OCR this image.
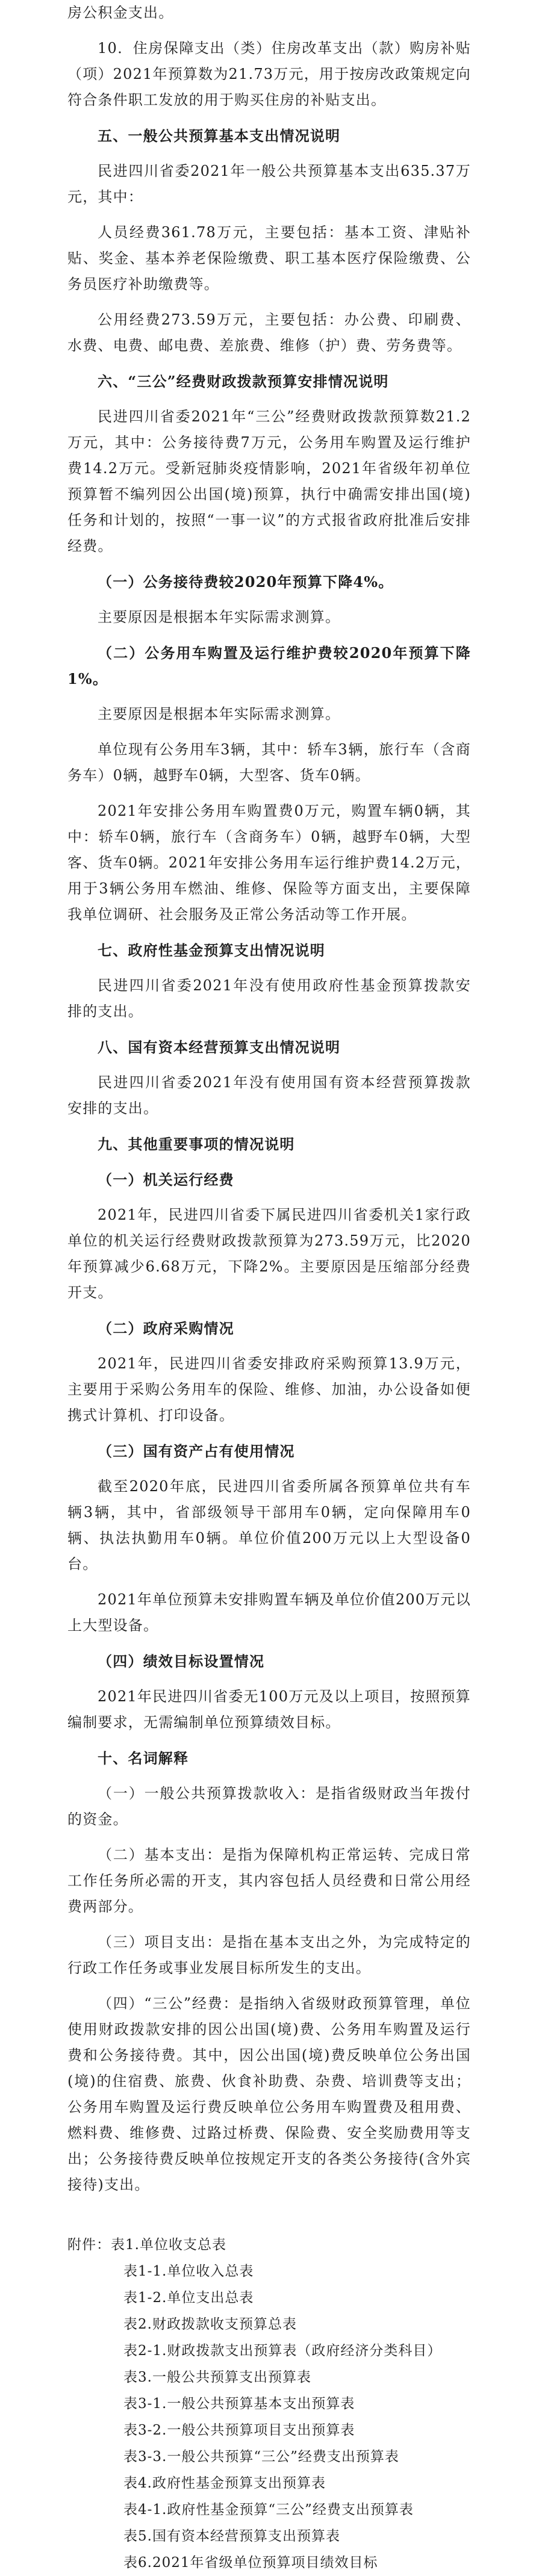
房公积金支出。

10．住房保障支出（类）住房改革支出（款）购房补贴（项）2021年预算数为21.73万元，用于按房改政策规定向符合条件职工发放的用于购买住房的补贴支出。

五、一般公共预算基本支出情况说明

民进四川省委2021年一般公共预算基本支出635.37万元，其中：

人员经费361.78万元，主要包括：基本工资、津贴补贴、奖金、基本养老保险缴费、职工基本医疗保险缴费、公务员医疗补助缴费等。

公用经费273.59万元，主要包括：办公费、印刷费、水费、电费、邮电费、差旅费、维修（护）费、劳务费等。

六、“三公”经费财政拨款预算安排情况说明

民进四川省委2021年“三公”经费财政拨款预算数21.2万元，其中：公务接待费7万元，公务用车购置及运行维护费14.2万元。受新冠肺炎疫情影响，2021年省级年初单位预算暂不编列因公出国(境)预算，执行中确需安排出国(境)任务和计划的，按照“一事一议”的方式报省政府批准后安排经费。

（一）公务接待费较2020年预算下降4%。

主要原因是根据本年实际需求测算。

（二）公务用车购置及运行维护费较2020年预算下降1%。

主要原因是根据本年实际需求测算。

单位现有公务用车3辆，其中：轿车3辆，旅行车（含商务车）0辆，越野车0辆，大型客、货车0辆。

2021年安排公务用车购置费0万元，购置车辆0辆，其中：轿车0辆，旅行车（含商务车）0辆，越野车0辆，大型客、货车0辆。2021年安排公务用车运行维护费14.2万元，用于3辆公务用车燃油、维修、保险等方面支出，主要保障我单位调研、社会服务及正常公务活动等工作开展。

七、政府性基金预算支出情况说明

民进四川省委2021年没有使用政府性基金预算拨款安排的支出。

八、国有资本经营预算支出情况说明

民进四川省委2021年没有使用国有资本经营预算拨款安排的支出。

九、其他重要事项的情况说明

（一）机关运行经费

2021年，民进四川省委下属民进四川省委机关1家行政单位的机关运行经费财政拨款预算为273.59万元，比2020年预算减少6.68万元，下降2%。主要原因是压缩部分经费开支。

（二）政府采购情况

2021年，民进四川省委安排政府采购预算13.9万元，主要用于采购公务用车的保险、维修、加油，办公设备如便携式计算机、打印设备。

（三）国有资产占有使用情况

截至2020年底，民进四川省委所属各预算单位共有车辆3辆，其中，省部级领导干部用车0辆，定向保障用车0辆、执法执勤用车0辆。单位价值200万元以上大型设备0台。

2021年单位预算未安排购置车辆及单位价值200万元以上大型设备。

（四）绩效目标设置情况

2021年民进四川省委无100万元及以上项目，按照预算编制要求，无需编制单位预算绩效目标。

十、名词解释

（一）一般公共预算拨款收入：是指省级财政当年拨付的资金。

（二）基本支出：是指为保障机构正常运转、完成日常工作任务所必需的开支，其内容包括人员经费和日常公用经费两部分。

（三）项目支出：是指在基本支出之外，为完成特定的行政工作任务或事业发展目标所发生的支出。

（四）“三公”经费：是指纳入省级财政预算管理，单位使用财政拨款安排的因公出国(境)费、公务用车购置及运行费和公务接待费。其中，因公出国(境)费反映单位公务出国(境)的住宿费、旅费、伙食补助费、杂费、培训费等支出；公务用车购置及运行费反映单位公务用车购置费及租用费、燃料费、维修费、过路过桥费、保险费、安全奖励费用等支出；公务接待费反映单位按规定开支的各类公务接待(含外宾接待)支出。

附件：表1.单位收支总表

表1-1.单位收入总表

表1-2.单位支出总表

表2.财政拨款收支预算总表

表2-1.财政拨款支出预算表（政府经济分类科目）

表3.一般公共预算支出预算表

表3-1.一般公共预算基本支出预算表

表3-2.一般公共预算项目支出预算表

表3-3.一般公共预算“三公”经费支出预算表

表4.政府性基金预算支出预算表

表4-1.政府性基金预算“三公”经费支出预算表

表5.国有资本经营预算支出预算表

表6.2021年省级单位预算项目绩效目标
